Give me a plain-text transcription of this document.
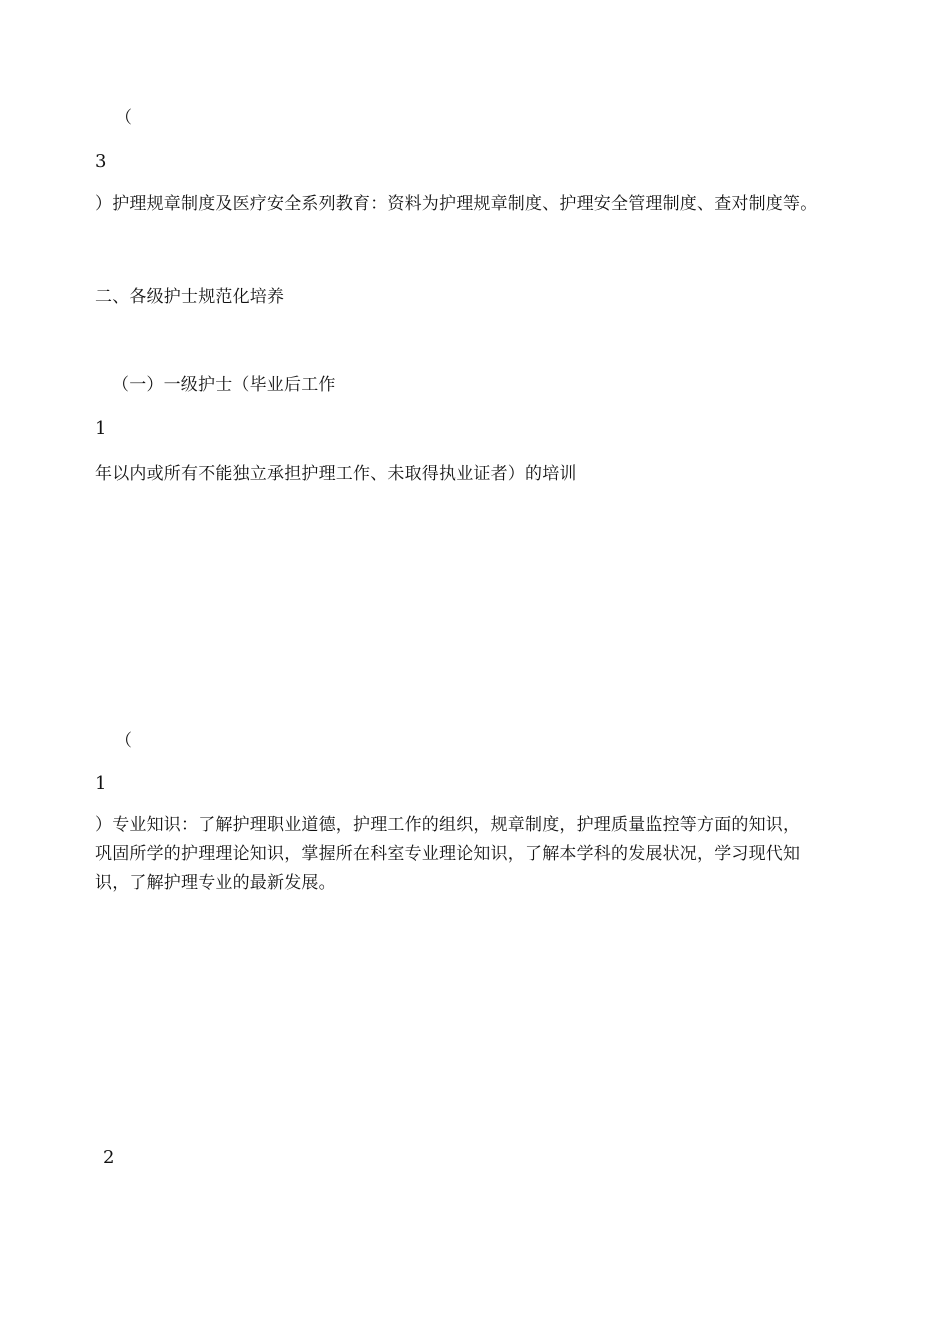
（
3
）护理规章制度及医疗安全系列教育：资料为护理规章制度、护理安全管理制度、查对制度等。
二、各级护士规范化培养
（一）一级护士（毕业后工作
1
年以内或所有不能独立承担护理工作、未取得执业证者）的培训
（
1
）专业知识：了解护理职业道德，护理工作的组织，规章制度，护理质量监控等方面的知识，
巩固所学的护理理论知识，掌握所在科室专业理论知识，了解本学科的发展状况，学习现代知
识，了解护理专业的最新发展。
2
